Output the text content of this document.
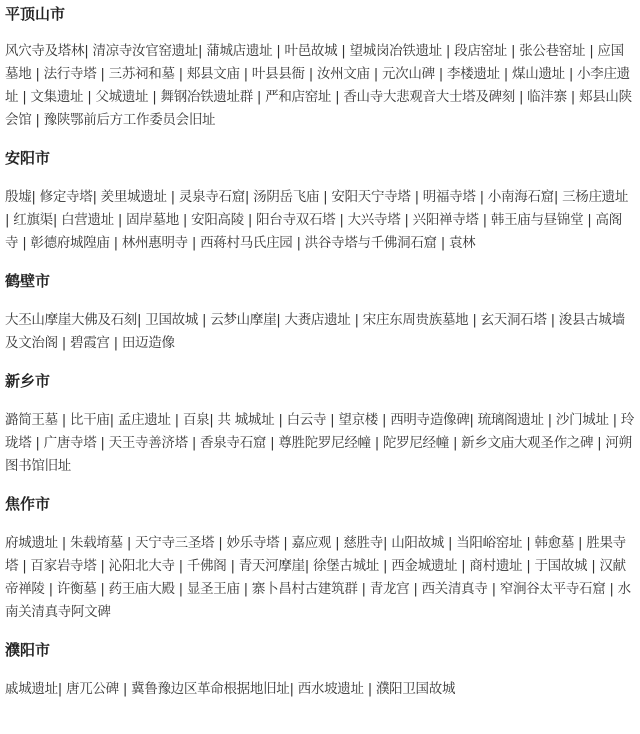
平顶山市

风穴寺及塔林| 清凉寺汝官窑遗址| 蒲城店遗址 | 叶邑故城 | 望城岗冶铁遗址 | 段店窑址 | 张公巷窑址 | 应国墓地 | 法行寺塔 | 三苏祠和墓 | 郏县文庙 | 叶县县衙 | 汝州文庙 | 元次山碑 | 李楼遗址 | 煤山遗址 | 小李庄遗址 | 文集遗址 | 父城遗址 | 舞钢冶铁遗址群 | 严和店窑址 | 香山寺大悲观音大士塔及碑刻 | 临沣寨 | 郏县山陕会馆 | 豫陕鄂前后方工作委员会旧址

安阳市

殷墟| 修定寺塔| 羑里城遗址 | 灵泉寺石窟| 汤阴岳飞庙 | 安阳天宁寺塔 | 明福寺塔 | 小南海石窟| 三杨庄遗址 | 红旗渠| 白营遗址 | 固岸墓地 | 安阳高陵 | 阳台寺双石塔 | 大兴寺塔 | 兴阳禅寺塔 | 韩王庙与昼锦堂 | 高阁寺 | 彰德府城隍庙 | 林州惠明寺 | 西蒋村马氏庄园 | 洪谷寺塔与千佛洞石窟 | 袁林

鹤壁市

大丕山摩崖大佛及石刻| 卫国故城 | 云梦山摩崖| 大赉店遗址 | 宋庄东周贵族墓地 | 玄天洞石塔 | 浚县古城墙及文治阁 | 碧霞宫 | 田迈造像

新乡市

潞简王墓 | 比干庙| 孟庄遗址 | 百泉| 共 城城址 | 白云寺 | 望京楼 | 西明寺造像碑| 琉璃阁遗址 | 沙门城址 | 玲珑塔 | 广唐寺塔 | 天王寺善济塔 | 香泉寺石窟 | 尊胜陀罗尼经幢 | 陀罗尼经幢 | 新乡文庙大观圣作之碑 | 河朔图书馆旧址

焦作市

府城遗址 | 朱载堉墓 | 天宁寺三圣塔 | 妙乐寺塔 | 嘉应观 | 慈胜寺| 山阳故城 | 当阳峪窑址 | 韩愈墓 | 胜果寺塔 | 百家岩寺塔 | 沁阳北大寺 | 千佛阁 | 青天河摩崖| 徐堡古城址 | 西金城遗址 | 商村遗址 | 于国故城 | 汉献帝禅陵 | 许衡墓 | 药王庙大殿 | 显圣王庙 | 寨卜昌村古建筑群 | 青龙宫 | 西关清真寺 | 窄涧谷太平寺石窟 | 水南关清真寺阿文碑

濮阳市

戚城遗址| 唐兀公碑 | 冀鲁豫边区革命根据地旧址| 西水坡遗址 | 濮阳卫国故城
